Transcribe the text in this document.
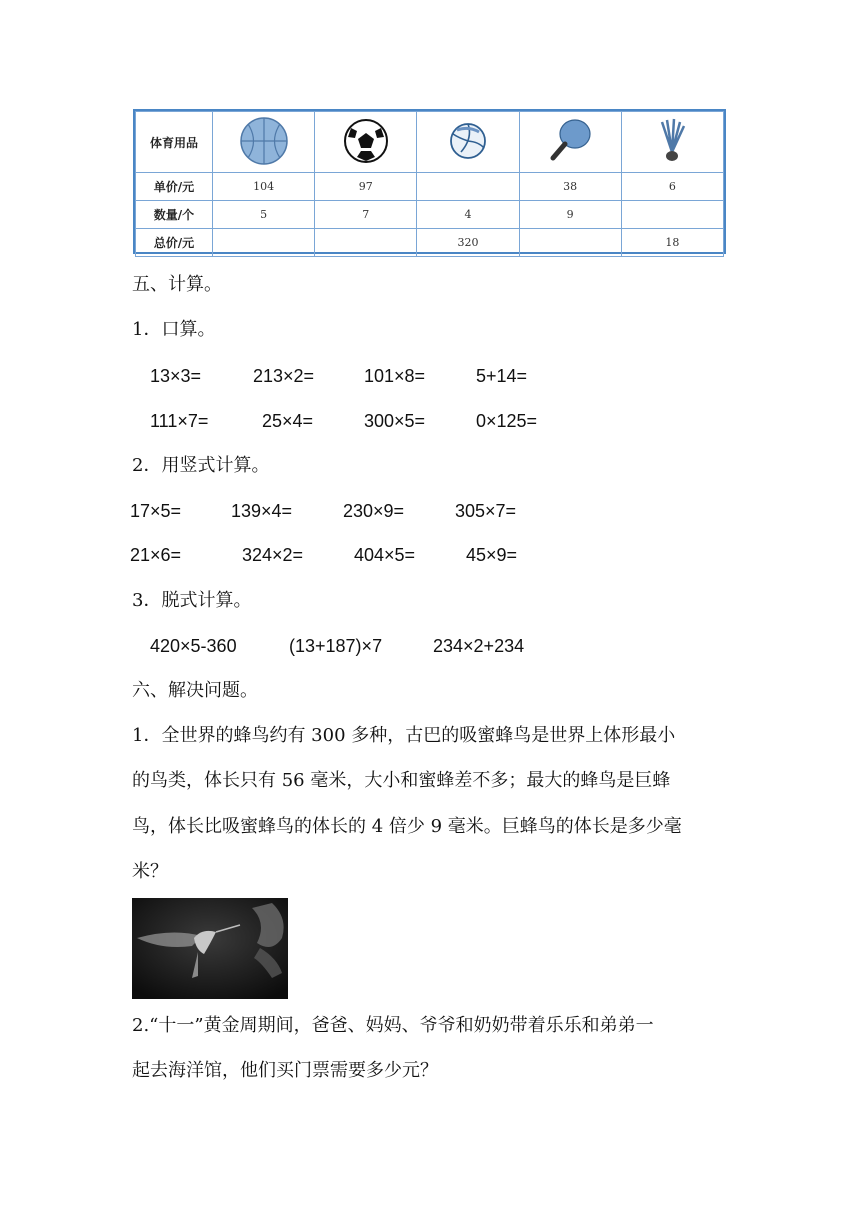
体育用品					
单价/元	104	97		38	6
数量/个	5	7	4	9	
总价/元			320		18
五、计算。
1．口算。
13×3=	213×2=	101×8=	5+14=
111×7=	25×4=	300×5=	0×125=
2．用竖式计算。
17×5=	139×4=	230×9=	305×7=
21×6=	324×2=	404×5=	45×9=
3．脱式计算。
420×5-360	(13+187)×7	234×2+234
六、解决问题。
1．全世界的蜂鸟约有 300 多种，古巴的吸蜜蜂鸟是世界上体形最小
的鸟类，体长只有 56 毫米，大小和蜜蜂差不多；最大的蜂鸟是巨蜂
鸟，体长比吸蜜蜂鸟的体长的 4 倍少 9 毫米。巨蜂鸟的体长是多少毫
米？
2.“十一”黄金周期间，爸爸、妈妈、爷爷和奶奶带着乐乐和弟弟一
起去海洋馆，他们买门票需要多少元？
